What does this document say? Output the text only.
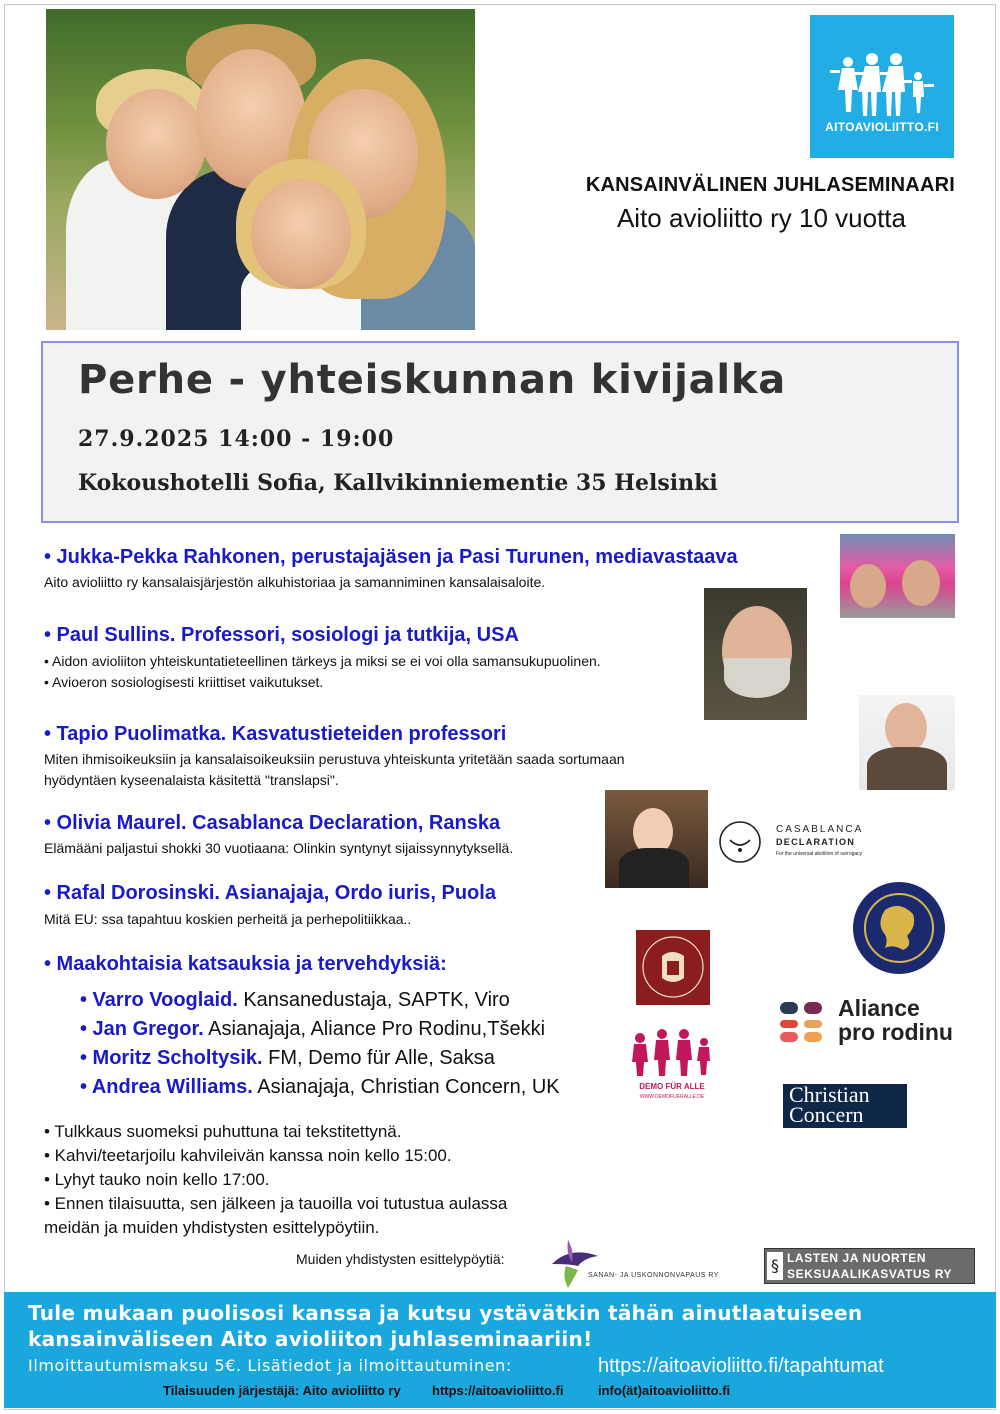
AITOAVIOLIITTO.FI
KANSAINVÄLINEN JUHLASEMINAARI
Aito avioliitto ry 10 vuotta
Perhe - yhteiskunnan kivijalka
27.9.2025 14:00 - 19:00
Kokoushotelli Sofia, Kallvikinniementie 35 Helsinki
• Jukka-Pekka Rahkonen, perustajajäsen ja Pasi Turunen, mediavastaava
Aito avioliitto ry kansalaisjärjestön alkuhistoriaa ja samanniminen kansalaisaloite.
• Paul Sullins. Professori, sosiologi ja tutkija, USA
• Aidon avioliiton yhteiskuntatieteellinen tärkeys ja miksi se ei voi olla samansukupuolinen.
• Avioeron sosiologisesti kriittiset vaikutukset.
• Tapio Puolimatka. Kasvatustieteiden professori
Miten ihmisoikeuksiin ja kansalaisoikeuksiin perustuva yhteiskunta yritetään saada sortumaan
hyödyntäen kyseenalaista käsitettä "translapsi".
• Olivia Maurel. Casablanca Declaration, Ranska
Elämääni paljastui shokki 30 vuotiaana: Olinkin syntynyt sijaissynnytyksellä.
• Rafal Dorosinski. Asianajaja, Ordo iuris, Puola
Mitä EU: ssa tapahtuu koskien perheitä ja perhepolitiikkaa..
• Maakohtaisia katsauksia ja tervehdyksiä:
• Varro Vooglaid. Kansanedustaja, SAPTK, Viro
• Jan Gregor. Asianajaja, Aliance Pro Rodinu,Tšekki
• Moritz Scholtysik. FM, Demo für Alle, Saksa
• Andrea Williams. Asianajaja, Christian Concern, UK
• Tulkkaus suomeksi puhuttuna tai tekstitettynä.
• Kahvi/teetarjoilu kahvileivän kanssa noin kello 15:00.
• Lyhyt tauko noin kello 17:00.
• Ennen tilaisuutta, sen jälkeen ja tauoilla voi tutustua aulassa
meidän ja muiden yhdistysten esittelypöytiin.
CASABLANCA
DECLARATION
For the universal abolition of surrogacy
Aliance
pro rodinu
DEMO FÜR ALLE
WWW.DEMOFUERALLE.DE	Christian
Concern
Muiden yhdistysten esittelypöytiä:
SANAN- JA USKONNONVAPAUS RY
§ LASTEN JA NUORTEN
SEKSUAALIKASVATUS RY
Tule mukaan puolisosi kanssa ja kutsu ystävätkin tähän ainutlaatuiseen
kansainväliseen Aito avioliiton juhlaseminaariin!
Ilmoittautumismaksu 5€. Lisätiedot ja ilmoittautuminen:	https://aitoavioliitto.fi/tapahtumat
Tilaisuuden järjestäjä: Aito avioliitto ry https://aitoavioliitto.fi	info(ät)aitoavioliitto.fi
